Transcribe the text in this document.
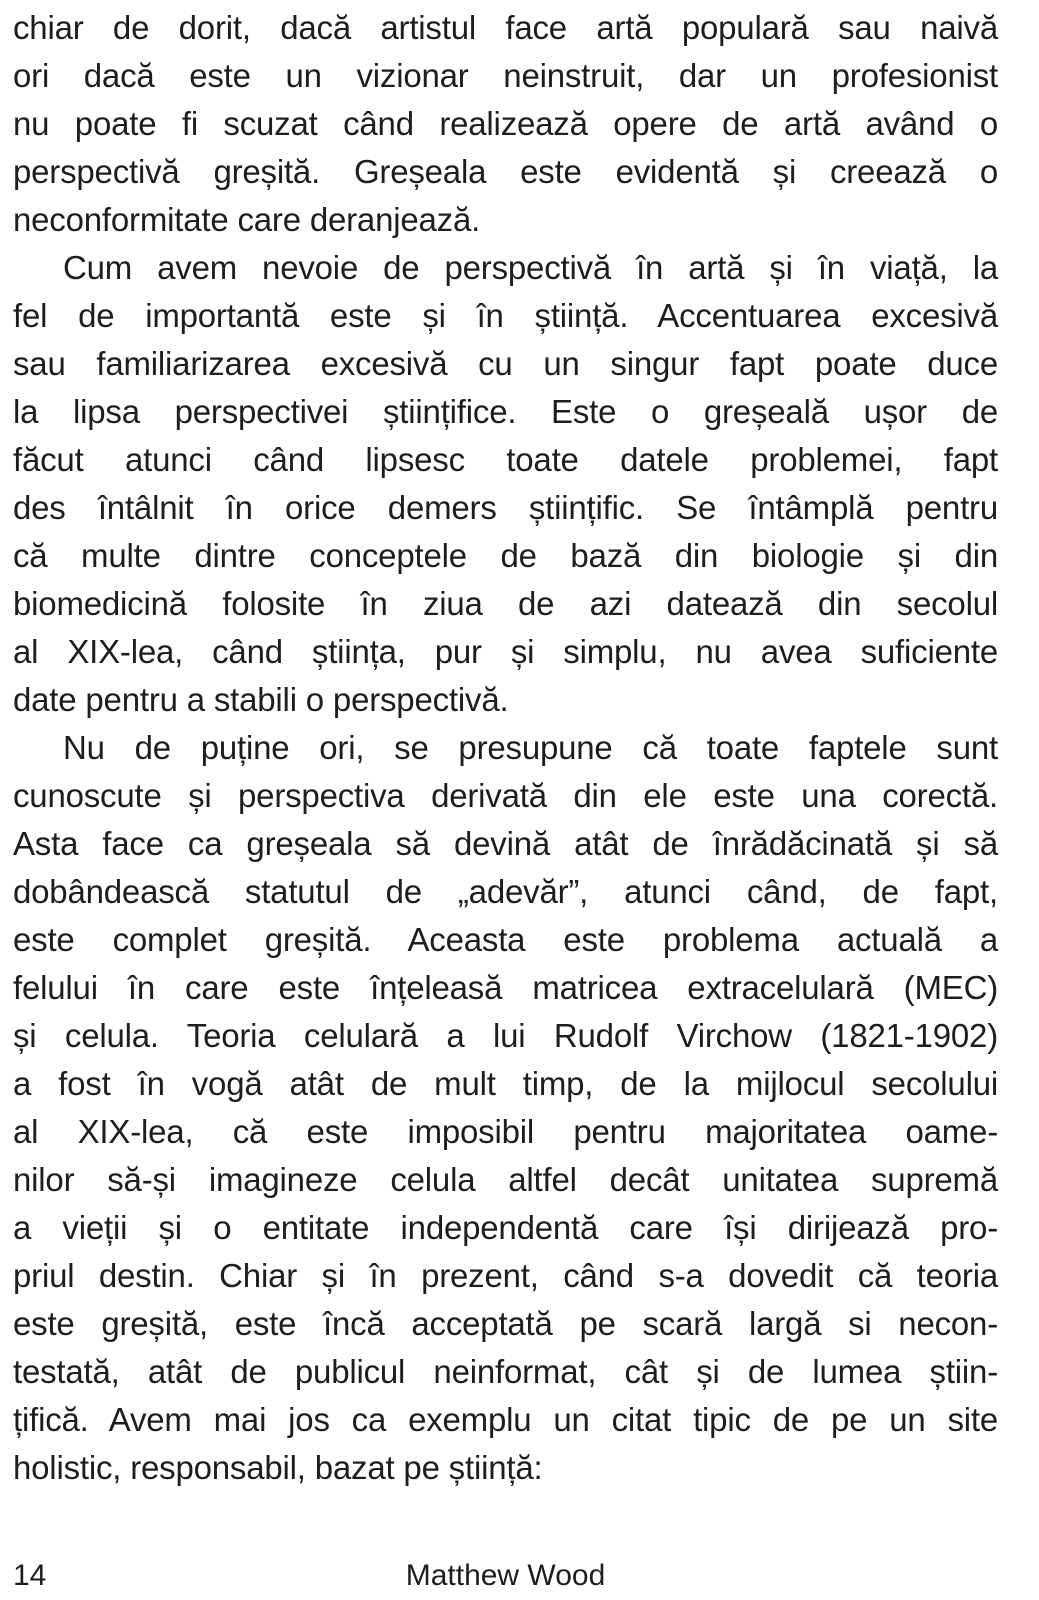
chiar de dorit, dacă artistul face artă populară sau naivă
ori dacă este un vizionar neinstruit, dar un profesionist
nu poate fi scuzat când realizează opere de artă având o
perspectivă greșită. Greșeala este evidentă și creează o
neconformitate care deranjează.
Cum avem nevoie de perspectivă în artă și în viață, la
fel de importantă este și în știință. Accentuarea excesivă
sau familiarizarea excesivă cu un singur fapt poate duce
la lipsa perspectivei științifice. Este o greșeală ușor de
făcut atunci când lipsesc toate datele problemei, fapt
des întâlnit în orice demers științific. Se întâmplă pentru
că multe dintre conceptele de bază din biologie și din
biomedicină folosite în ziua de azi datează din secolul
al XIX-lea, când știința, pur și simplu, nu avea suficiente
date pentru a stabili o perspectivă.
Nu de puține ori, se presupune că toate faptele sunt
cunoscute și perspectiva derivată din ele este una corectă.
Asta face ca greșeala să devină atât de înrădăcinată și să
dobândească statutul de „adevăr”, atunci când, de fapt,
este complet greșită. Aceasta este problema actuală a
felului în care este înțeleasă matricea extracelulară (MEC)
și celula. Teoria celulară a lui Rudolf Virchow (1821-1902)
a fost în vogă atât de mult timp, de la mijlocul secolului
al XIX-lea, că este imposibil pentru majoritatea oame-
nilor să-și imagineze celula altfel decât unitatea supremă
a vieții și o entitate independentă care își dirijează pro-
priul destin. Chiar și în prezent, când s-a dovedit că teoria
este greșită, este încă acceptată pe scară largă si necon-
testată, atât de publicul neinformat, cât și de lumea știin-
țifică. Avem mai jos ca exemplu un citat tipic de pe un site
holistic, responsabil, bazat pe știință:
14	Matthew Wood
